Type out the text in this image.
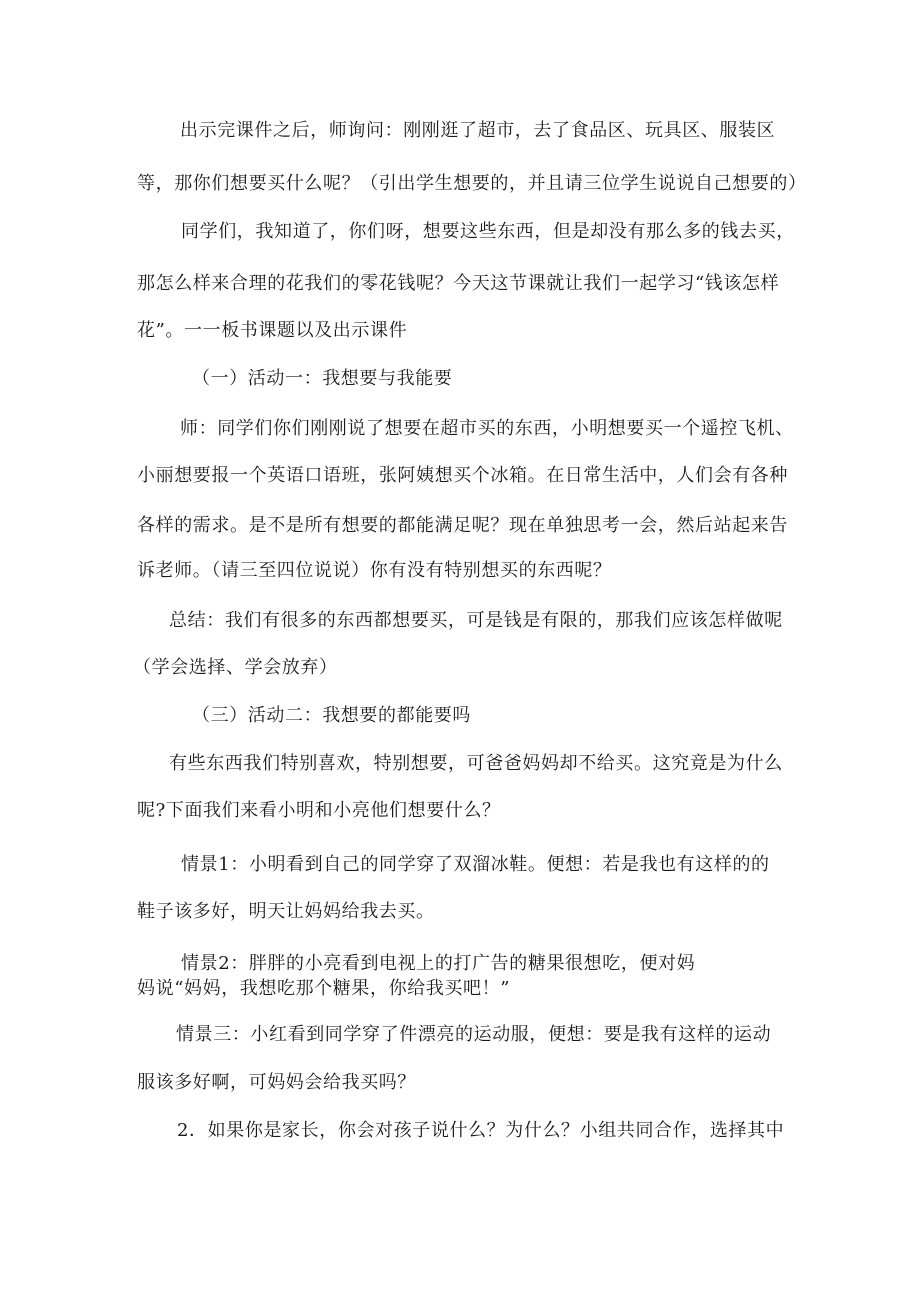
出示完课件之后，师询问：刚刚逛了超市，去了食品区、玩具区、服装区
等，那你们想要买什么呢？（引出学生想要的，并且请三位学生说说自己想要的）
同学们，我知道了，你们呀，想要这些东西，但是却没有那么多的钱去买，
那怎么样来合理的花我们的零花钱呢？今天这节课就让我们一起学习“钱该怎样
花”。一一板书课题以及出示课件
（一）活动一：我想要与我能要
师：同学们你们刚刚说了想要在超市买的东西，小明想要买一个遥控飞机、
小丽想要报一个英语口语班，张阿姨想买个冰箱。在日常生活中，人们会有各种
各样的需求。是不是所有想要的都能满足呢？现在单独思考一会，然后站起来告
诉老师。（请三至四位说说）你有没有特别想买的东西呢？
总结：我们有很多的东西都想要买，可是钱是有限的，那我们应该怎样做呢
（学会选择、学会放弃）
（三）活动二：我想要的都能要吗
有些东西我们特别喜欢，特别想要，可爸爸妈妈却不给买。这究竟是为什么
呢?下面我们来看小明和小亮他们想要什么？
情景1：小明看到自己的同学穿了双溜冰鞋。便想：若是我也有这样的的
鞋子该多好，明天让妈妈给我去买。
情景2：胖胖的小亮看到电视上的打广告的糖果很想吃，便对妈
妈说“妈妈，我想吃那个糖果，你给我买吧！”
情景三：小红看到同学穿了件漂亮的运动服，便想：要是我有这样的运动
服该多好啊，可妈妈会给我买吗？
2．如果你是家长，你会对孩子说什么？为什么？小组共同合作，选择其中
